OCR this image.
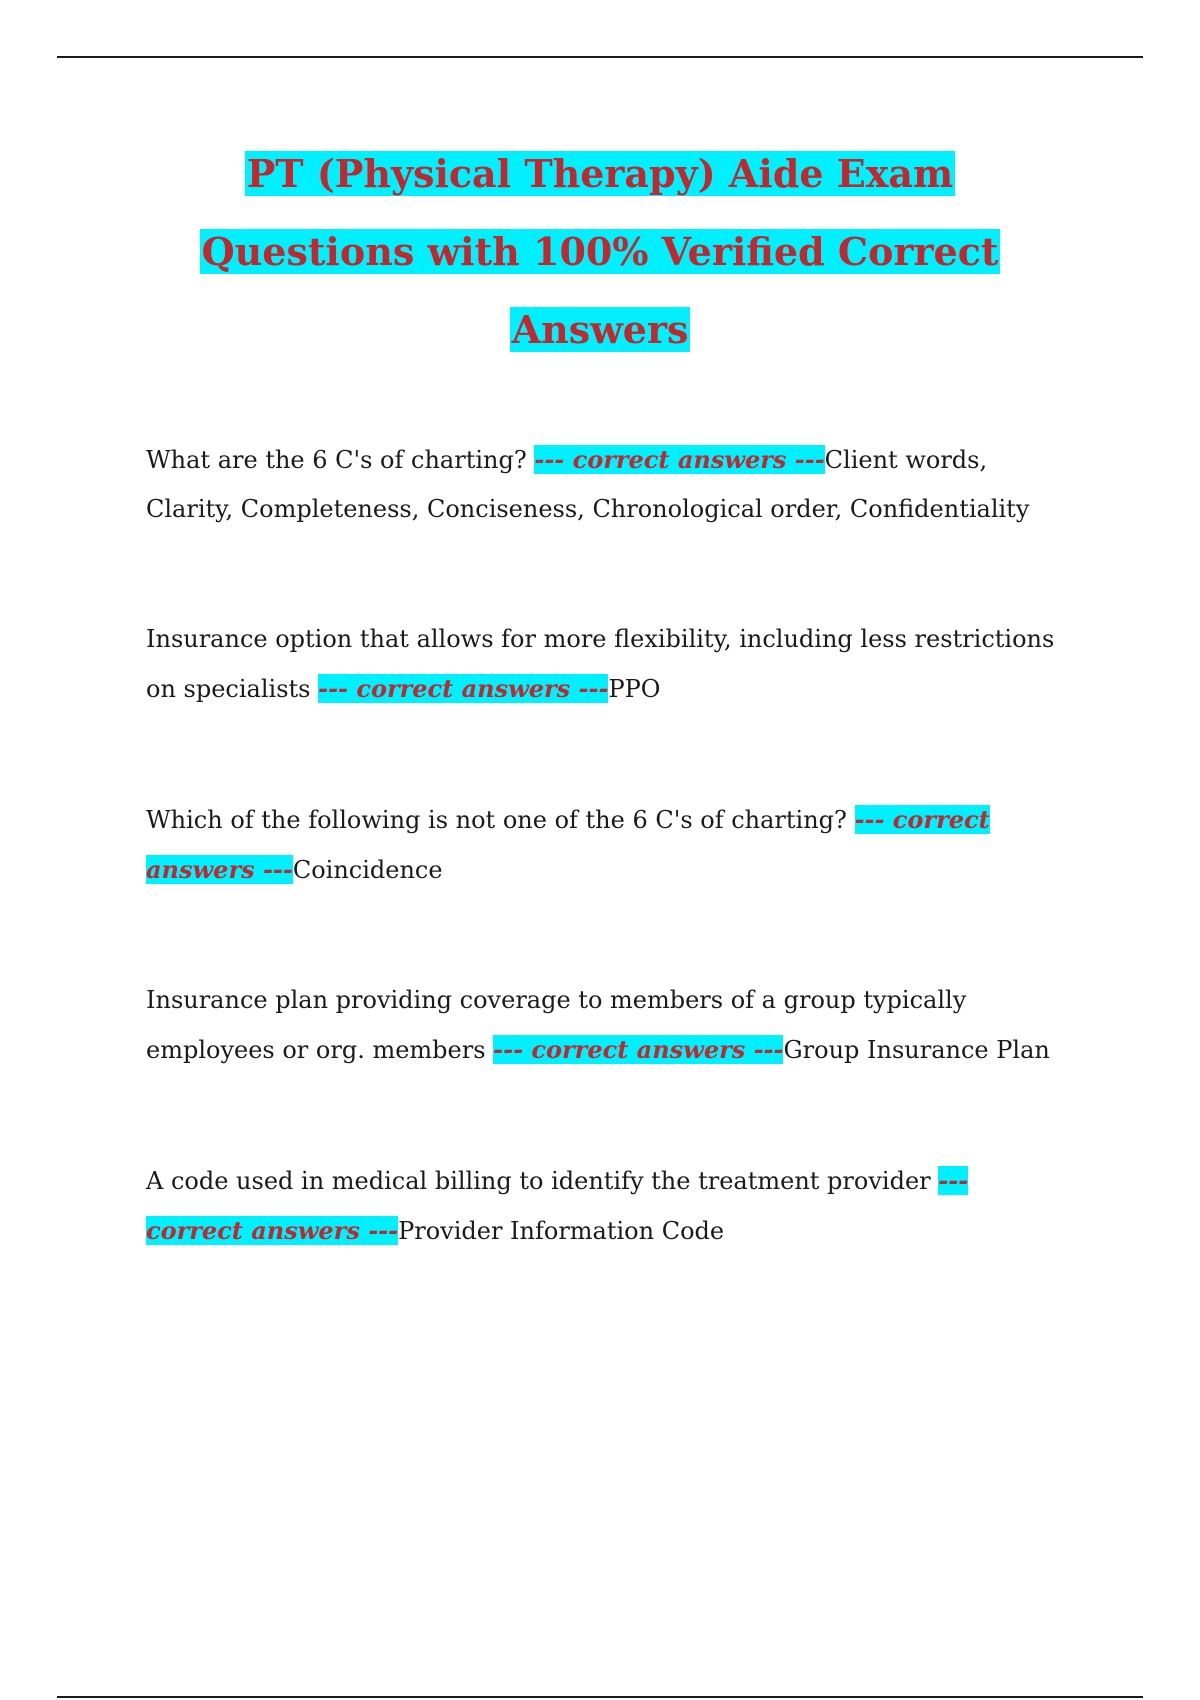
PT (Physical Therapy) Aide Exam
Questions with 100% Verified Correct
Answers

What are the 6 C's of charting? --- correct answers ---Client words, Clarity, Completeness, Conciseness, Chronological order, Confidentiality

Insurance option that allows for more flexibility, including less restrictions on specialists --- correct answers ---PPO

Which of the following is not one of the 6 C's of charting? --- correct answers ---Coincidence

Insurance plan providing coverage to members of a group typically employees or org. members --- correct answers ---Group Insurance Plan

A code used in medical billing to identify the treatment provider --- correct answers ---Provider Information Code
